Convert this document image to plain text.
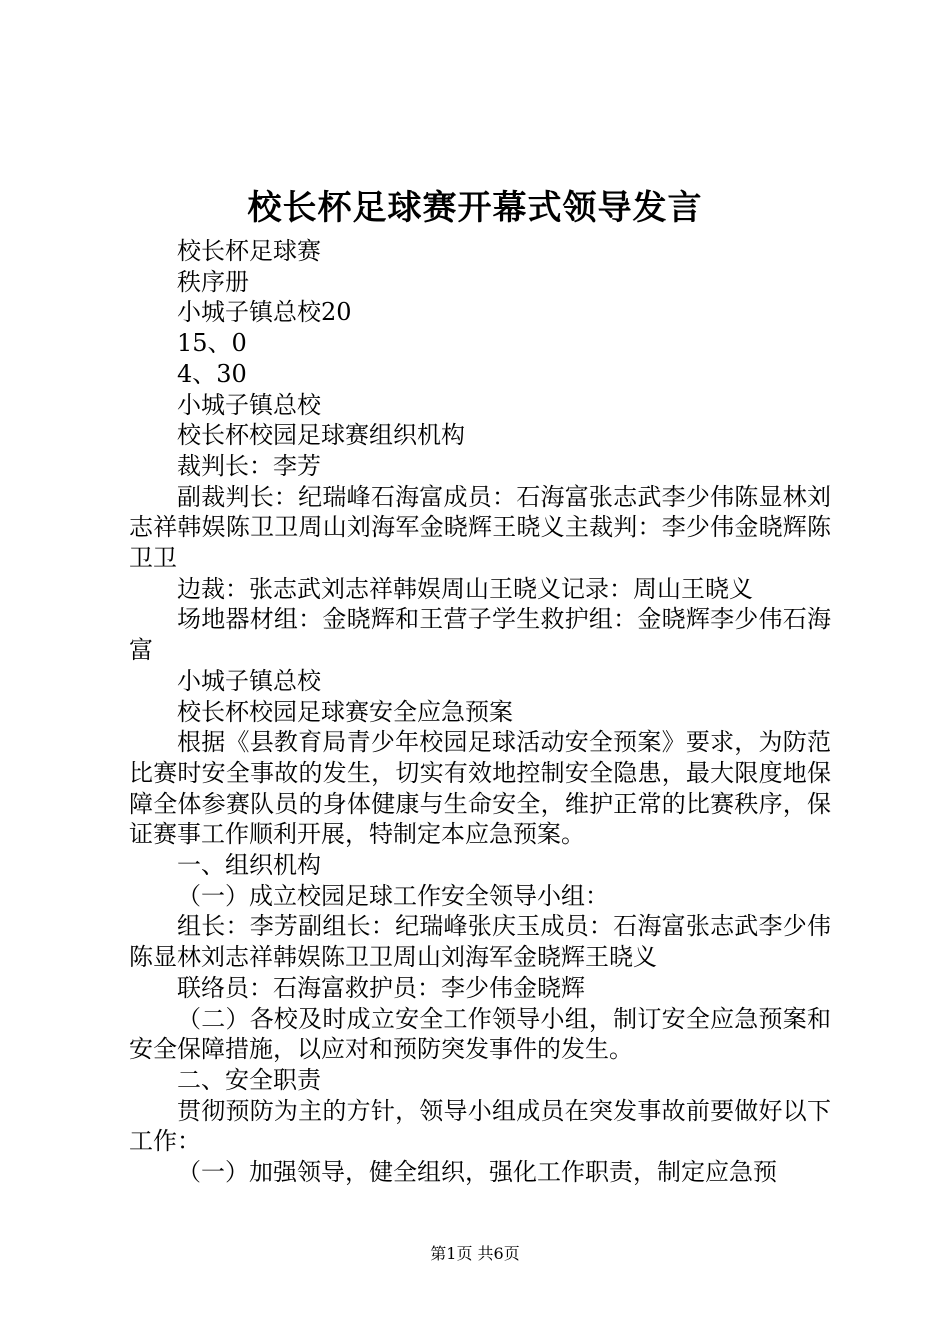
校长杯足球赛开幕式领导发言

校长杯足球赛

秩序册

小城子镇总校20

15、0

4、30

小城子镇总校

校长杯校园足球赛组织机构

裁判长：李芳

副裁判长：纪瑞峰石海富成员：石海富张志武李少伟陈显林刘志祥韩娱陈卫卫周山刘海军金晓辉王晓义主裁判：李少伟金晓辉陈卫卫

边裁：张志武刘志祥韩娱周山王晓义记录：周山王晓义

场地器材组：金晓辉和王营子学生救护组：金晓辉李少伟石海富

小城子镇总校

校长杯校园足球赛安全应急预案

根据《县教育局青少年校园足球活动安全预案》要求，为防范比赛时安全事故的发生，切实有效地控制安全隐患，最大限度地保障全体参赛队员的身体健康与生命安全，维护正常的比赛秩序，保证赛事工作顺利开展，特制定本应急预案。

一、组织机构

（一）成立校园足球工作安全领导小组：

组长：李芳副组长：纪瑞峰张庆玉成员：石海富张志武李少伟陈显林刘志祥韩娱陈卫卫周山刘海军金晓辉王晓义

联络员：石海富救护员：李少伟金晓辉

（二）各校及时成立安全工作领导小组，制订安全应急预案和安全保障措施，以应对和预防突发事件的发生。

二、安全职责

贯彻预防为主的方针，领导小组成员在突发事故前要做好以下工作：

（一）加强领导，健全组织，强化工作职责，制定应急预

第1页 共6页
